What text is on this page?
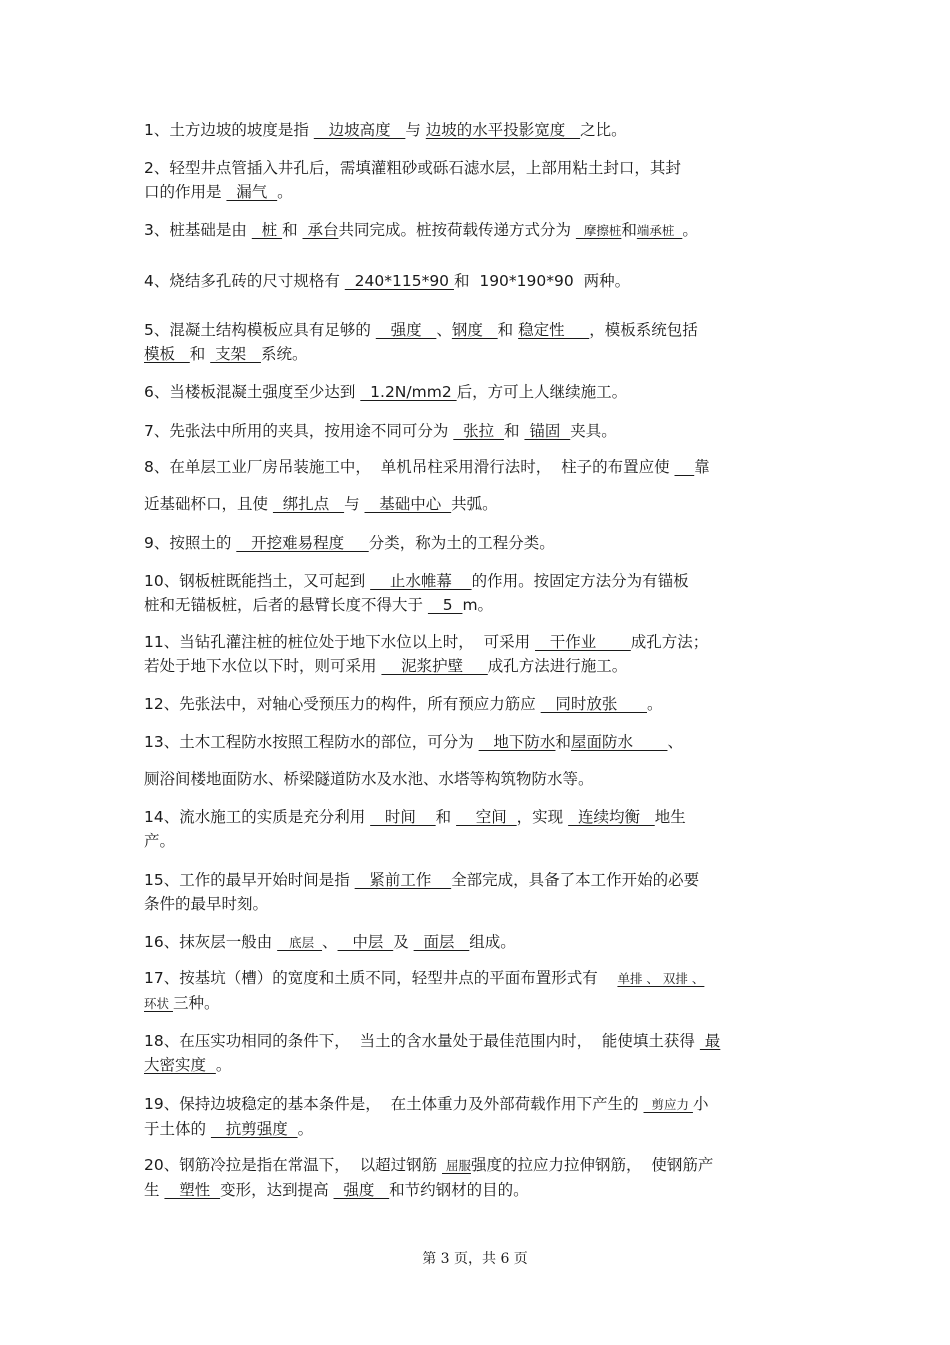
1、土方边坡的坡度是指    边坡高度   与 边坡的水平投影宽度   之比。
2、轻型井点管插入井孔后，需填灌粗砂或砾石滤水层，上部用粘土封口，其封
口的作用是   漏气  。
3、桩基础是由   桩 和  承台共同完成。桩按荷载传递方式分为   摩擦桩和端承桩  。
4、烧结多孔砖的尺寸规格有   240*115*90 和  190*190*90  两种。
5、混凝土结构模板应具有足够的    强度   、钢度   和 稳定性     ，模板系统包括
模板   和  支架   系统。
6、当楼板混凝土强度至少达到   1.2N/mm2 后，方可上人继续施工。
7、先张法中所用的夹具，按用途不同可分为   张拉  和  锚固  夹具。
8、在单层工业厂房吊装施工中，  单机吊柱采用滑行法时，  柱子的布置应使     靠
近基础杯口，且使   绑扎点   与    基础中心  共弧。
9、按照土的    开挖难易程度     分类，称为土的工程分类。
10、钢板桩既能挡土，又可起到     止水帷幕    的作用。按固定方法分为有锚板
桩和无锚板桩，后者的悬臂长度不得大于    5  m。
11、当钻孔灌注桩的桩位处于地下水位以上时，  可采用    干作业       成孔方法；
若处于地下水位以下时，则可采用     泥浆护壁     成孔方法进行施工。
12、先张法中，对轴心受预压力的构件，所有预应力筋应    同时放张      。
13、土木工程防水按照工程防水的部位，可分为    地下防水和屋面防水       、
厕浴间楼地面防水、桥梁隧道防水及水池、水塔等构筑物防水等。
14、流水施工的实质是充分利用    时间    和     空间  ，实现   连续均衡   地生
产。
15、工作的最早开始时间是指    紧前工作    全部完成，具备了本工作开始的必要
条件的最早时刻。
16、抹灰层一般由    底层  、   中层  及   面层   组成。
17、按基坑（槽）的宽度和土质不同，轻型井点的平面布置形式有    单排 、 双排 、
环状 三种。
18、在压实功相同的条件下，  当土的含水量处于最佳范围内时，  能使填土获得  最
大密实度  。
19、保持边坡稳定的基本条件是，  在土体重力及外部荷载作用下产生的   剪应力 小
于土体的    抗剪强度  。
20、钢筋冷拉是指在常温下，  以超过钢筋  屈服强度的拉应力拉伸钢筋，  使钢筋产
生    塑性  变形，达到提高   强度   和节约钢材的目的。
第 3 页，共 6 页
